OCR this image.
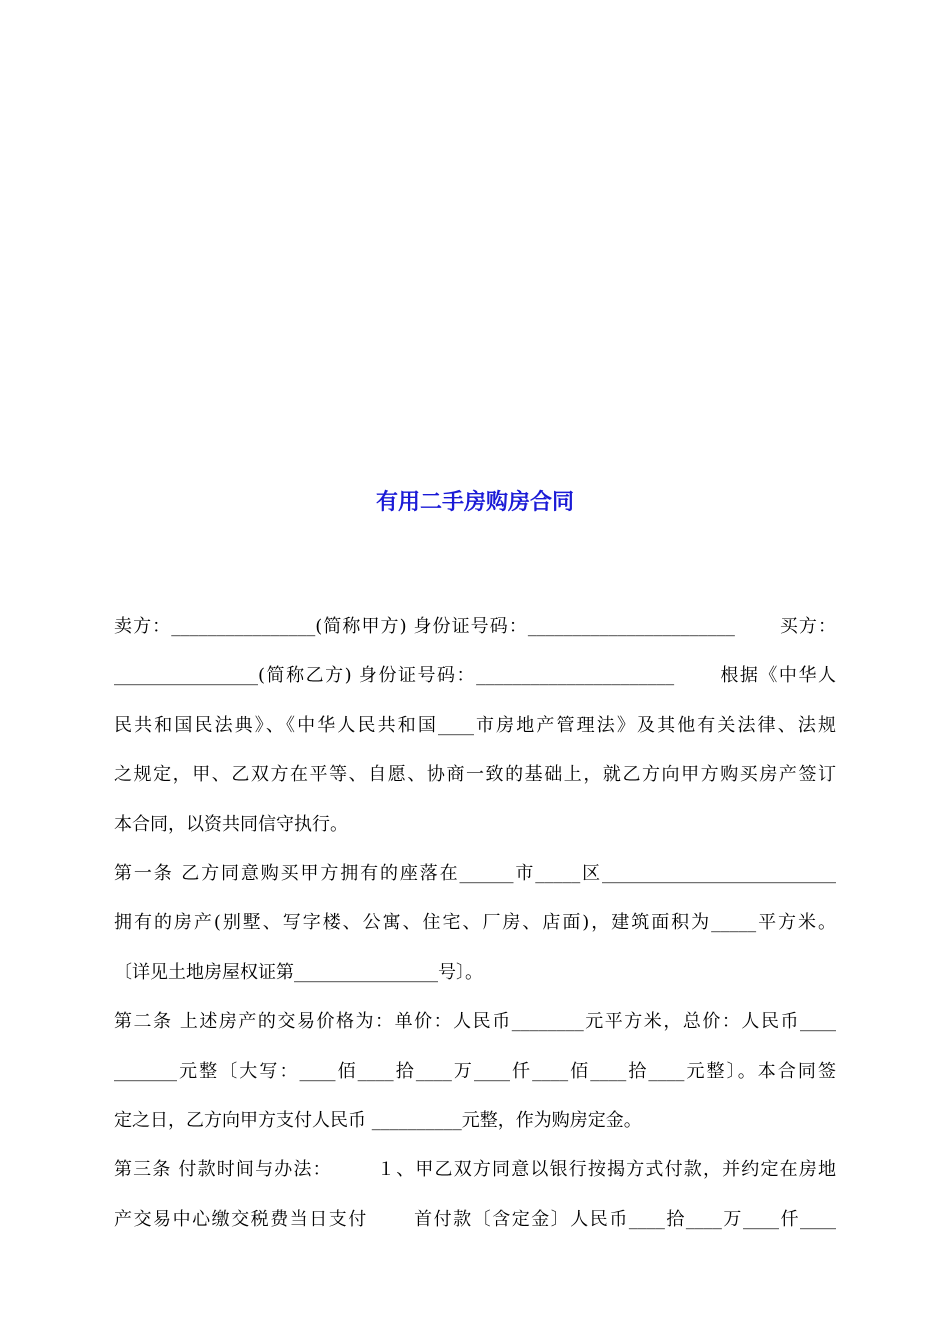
有用二手房购房合同
卖方：________________(简称甲方) 身份证号码：_______________________ 　　买方：
________________(简称乙方) 身份证号码：______________________ 　　根据《中华人
民共和国民法典》、《中华人民共和国____市房地产管理法》及其他有关法律、法规
之规定，甲、乙双方在平等、自愿、协商一致的基础上，就乙方向甲方购买房产签订
本合同，以资共同信守执行。
第一条 乙方同意购买甲方拥有的座落在______市_____区__________________________
拥有的房产(别墅、写字楼、公寓、住宅、厂房、店面)，建筑面积为_____平方米。
〔详见土地房屋权证第________________号〕。
第二条 上述房产的交易价格为：单价：人民币________元平方米，总价：人民币____
_______元整〔大写：____佰____拾____万____仟____佰____拾____元整〕。本合同签
定之日，乙方向甲方支付人民币 __________元整，作为购房定金。
第三条 付款时间与办法： 　　１、甲乙双方同意以银行按揭方式付款，并约定在房地
产交易中心缴交税费当日支付 　　首付款〔含定金〕人民币____拾____万____仟____
